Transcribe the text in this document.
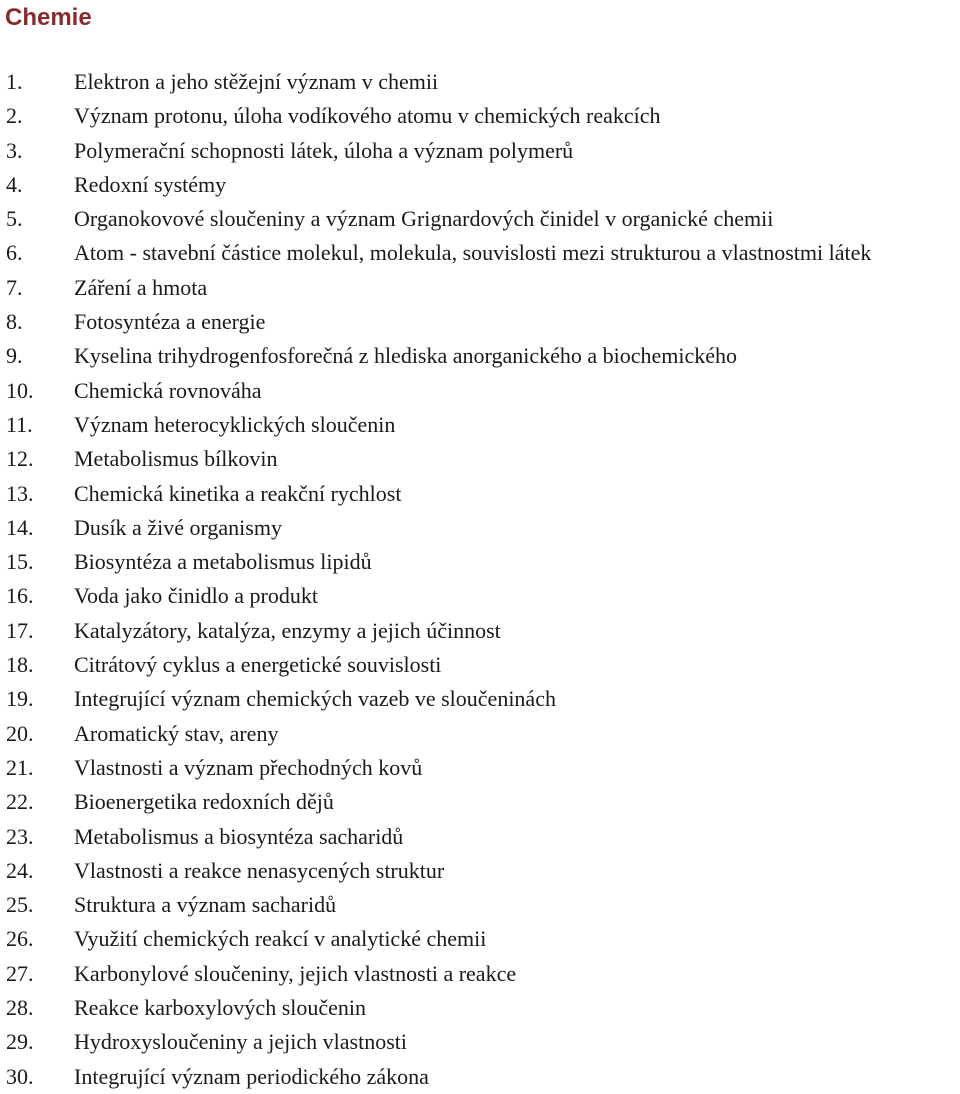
Chemie
1.	Elektron a jeho stěžejní význam v chemii
2.	Význam protonu, úloha vodíkového atomu v chemických reakcích
3.	Polymerační schopnosti látek, úloha a význam polymerů
4.	Redoxní systémy
5.	Organokovové sloučeniny a význam Grignardových činidel v organické chemii
6.	Atom - stavební částice molekul, molekula, souvislosti mezi strukturou a vlastnostmi látek
7.	Záření a hmota
8.	Fotosyntéza a energie
9.	Kyselina trihydrogenfosforečná z hlediska anorganického a biochemického
10.	Chemická rovnováha
11.	Význam heterocyklických sloučenin
12.	Metabolismus bílkovin
13.	Chemická kinetika a reakční rychlost
14.	Dusík a živé organismy
15.	Biosyntéza a metabolismus lipidů
16.	Voda jako činidlo a produkt
17.	Katalyzátory, katalýza, enzymy a jejich účinnost
18.	Citrátový cyklus a energetické souvislosti
19.	Integrující význam chemických vazeb ve sloučeninách
20.	Aromatický stav, areny
21.	Vlastnosti a význam přechodných kovů
22.	Bioenergetika redoxních dějů
23.	Metabolismus a biosyntéza sacharidů
24.	Vlastnosti a reakce nenasycených struktur
25.	Struktura a význam sacharidů
26.	Využití chemických reakcí v analytické chemii
27.	Karbonylové sloučeniny, jejich vlastnosti a reakce
28.	Reakce karboxylových sloučenin
29.	Hydroxysloučeniny a jejich vlastnosti
30.	Integrující význam periodického zákona
